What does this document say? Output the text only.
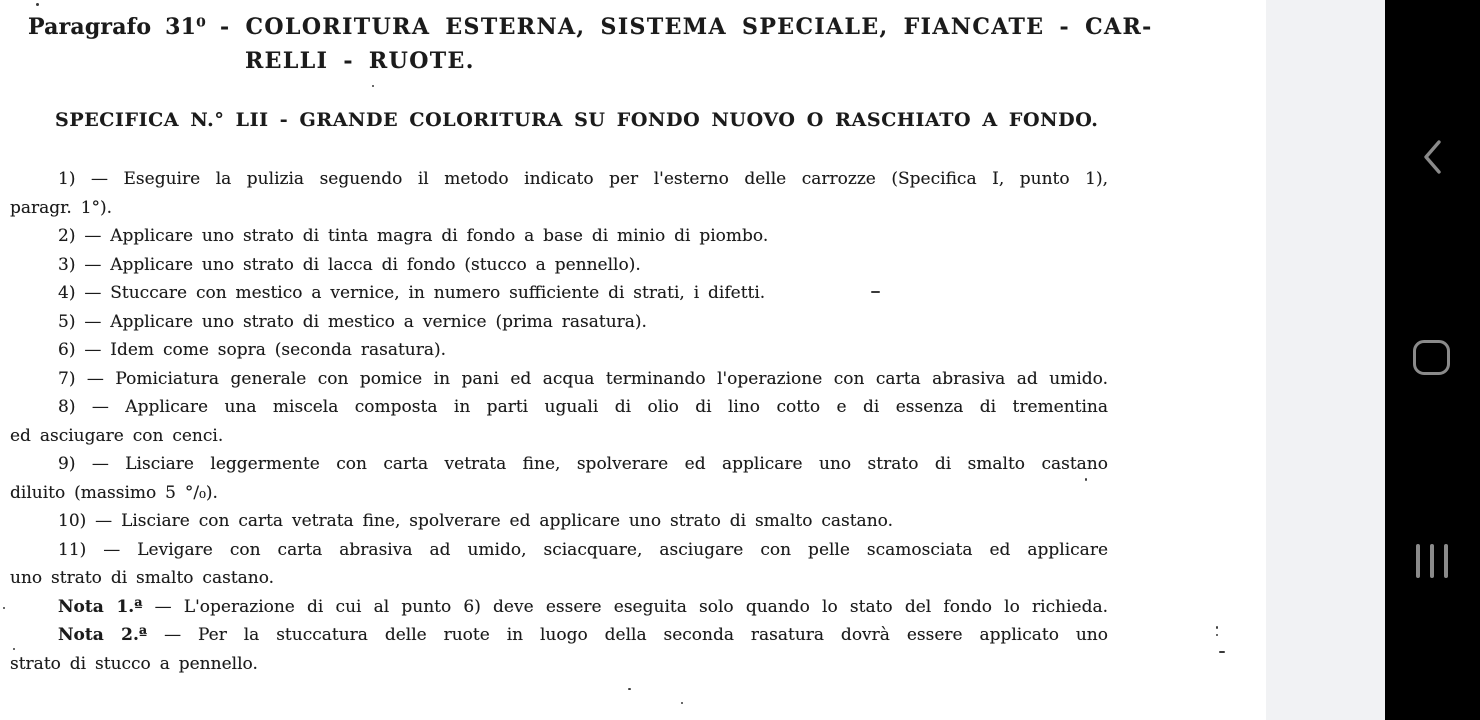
Paragrafo 31⁰ - COLORITURA ESTERNA, SISTEMA SPECIALE, FIANCATE - CAR-
RELLI - RUOTE.
SPECIFICA N.° LII - GRANDE COLORITURA SU FONDO NUOVO O RASCHIATO A FONDO.
1) — Eseguire la pulizia seguendo il metodo indicato per l'esterno delle carrozze (Specifica I, punto 1),
paragr. 1°).
2) — Applicare uno strato di tinta magra di fondo a base di minio di piombo.
3) — Applicare uno strato di lacca di fondo (stucco a pennello).
4) — Stuccare con mestico a vernice, in numero sufficiente di strati, i difetti.
5) — Applicare uno strato di mestico a vernice (prima rasatura).
6) — Idem come sopra (seconda rasatura).
7) — Pomiciatura generale con pomice in pani ed acqua terminando l'operazione con carta abrasiva ad umido.
8) — Applicare una miscela composta in parti uguali di olio di lino cotto e di essenza di trementina
ed asciugare con cenci.
9) — Lisciare leggermente con carta vetrata fine, spolverare ed applicare uno strato di smalto castano
diluito (massimo 5 °/₀).
10) — Lisciare con carta vetrata fine, spolverare ed applicare uno strato di smalto castano.
11) — Levigare con carta abrasiva ad umido, sciacquare, asciugare con pelle scamosciata ed applicare
uno strato di smalto castano.
Nota 1.ª — L'operazione di cui al punto 6) deve essere eseguita solo quando lo stato del fondo lo richieda.
Nota 2.ª — Per la stuccatura delle ruote in luogo della seconda rasatura dovrà essere applicato uno
strato di stucco a pennello.
